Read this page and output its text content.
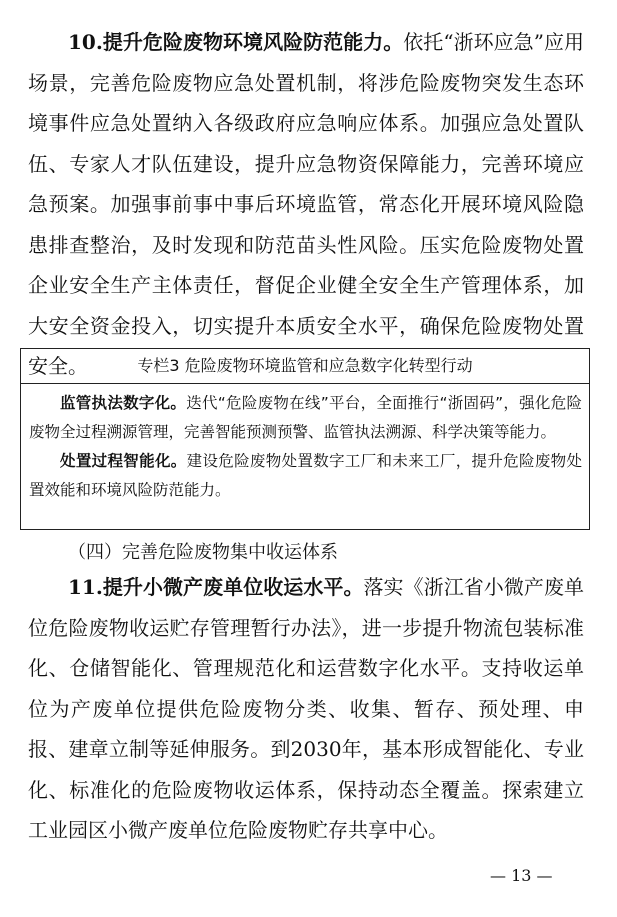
10.提升危险废物环境风险防范能力。依托“浙环应急”应用场景，完善危险废物应急处置机制，将涉危险废物突发生态环境事件应急处置纳入各级政府应急响应体系。加强应急处置队伍、专家人才队伍建设，提升应急物资保障能力，完善环境应急预案。加强事前事中事后环境监管，常态化开展环境风险隐患排查整治，及时发现和防范苗头性风险。压实危险废物处置企业安全生产主体责任，督促企业健全安全生产管理体系，加大安全资金投入，切实提升本质安全水平，确保危险废物处置安全。	专栏3 危险废物环境监管和应急数字化转型行动

监管执法数字化。迭代“危险废物在线”平台，全面推行“浙固码”，强化危险废物全过程溯源管理，完善智能预测预警、监管执法溯源、科学决策等能力。

处置过程智能化。建设危险废物处置数字工厂和未来工厂，提升危险废物处置效能和环境风险防范能力。

（四）完善危险废物集中收运体系

11.提升小微产废单位收运水平。落实《浙江省小微产废单位危险废物收运贮存管理暂行办法》，进一步提升物流包装标准化、仓储智能化、管理规范化和运营数字化水平。支持收运单位为产废单位提供危险废物分类、收集、暂存、预处理、申报、建章立制等延伸服务。到2030年，基本形成智能化、专业化、标准化的危险废物收运体系，保持动态全覆盖。探索建立工业园区小微产废单位危险废物贮存共享中心。

— 13 —
